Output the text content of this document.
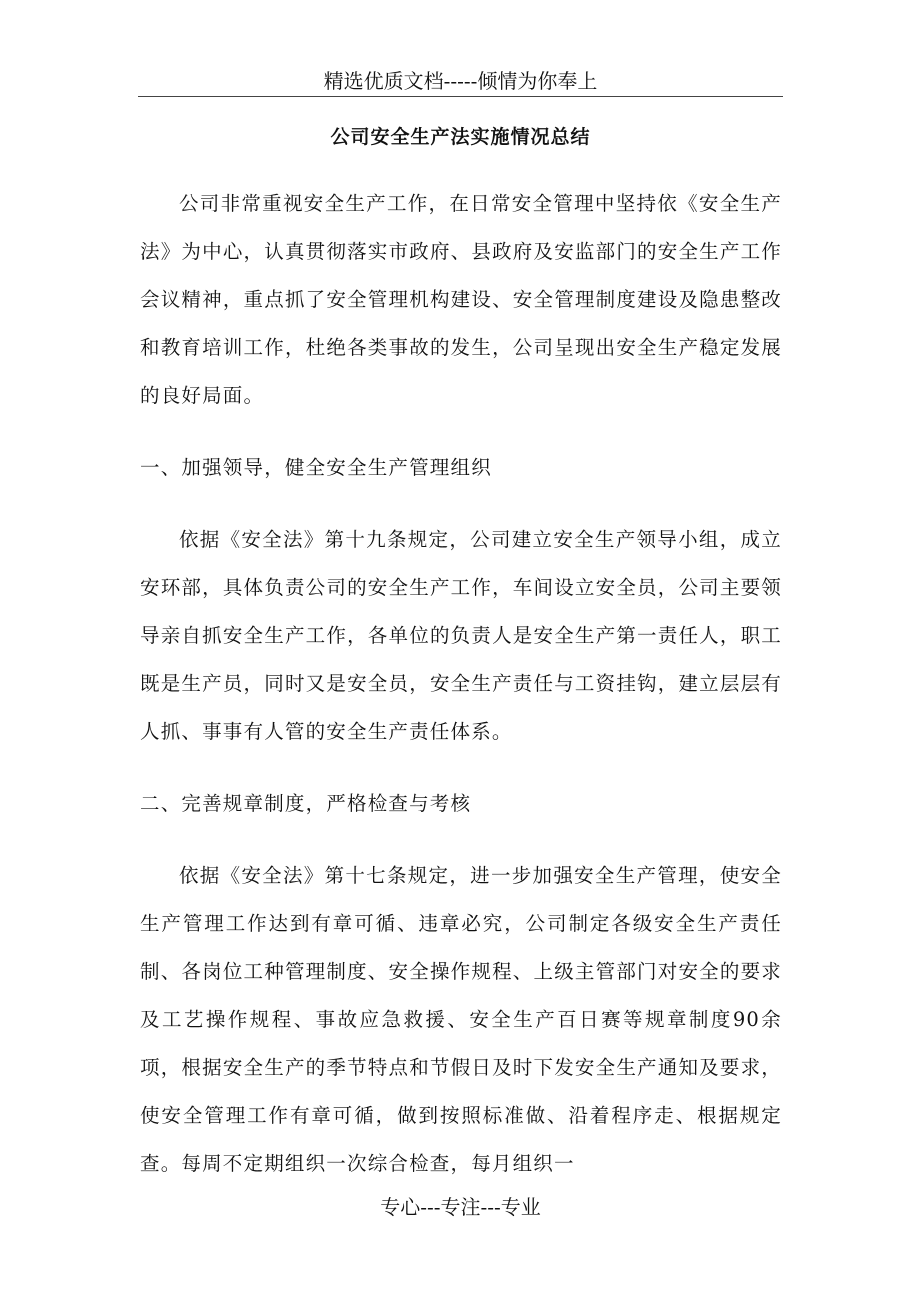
精选优质文档-----倾情为你奉上
公司安全生产法实施情况总结

公司非常重视安全生产工作，在日常安全管理中坚持依《安全生产法》为中心，认真贯彻落实市政府、县政府及安监部门的安全生产工作会议精神，重点抓了安全管理机构建设、安全管理制度建设及隐患整改和教育培训工作，杜绝各类事故的发生，公司呈现出安全生产稳定发展的良好局面。

一、加强领导，健全安全生产管理组织

依据《安全法》第十九条规定，公司建立安全生产领导小组，成立安环部，具体负责公司的安全生产工作，车间设立安全员，公司主要领导亲自抓安全生产工作，各单位的负责人是安全生产第一责任人，职工既是生产员，同时又是安全员，安全生产责任与工资挂钩，建立层层有人抓、事事有人管的安全生产责任体系。

二、完善规章制度，严格检查与考核

依据《安全法》第十七条规定，进一步加强安全生产管理，使安全生产管理工作达到有章可循、违章必究，公司制定各级安全生产责任制、各岗位工种管理制度、安全操作规程、上级主管部门对安全的要求及工艺操作规程、事故应急救援、安全生产百日赛等规章制度90余项，根据安全生产的季节特点和节假日及时下发安全生产通知及要求，使安全管理工作有章可循，做到按照标准做、沿着程序走、根据规定查。每周不定期组织一次综合检查，每月组织一

专心---专注---专业
